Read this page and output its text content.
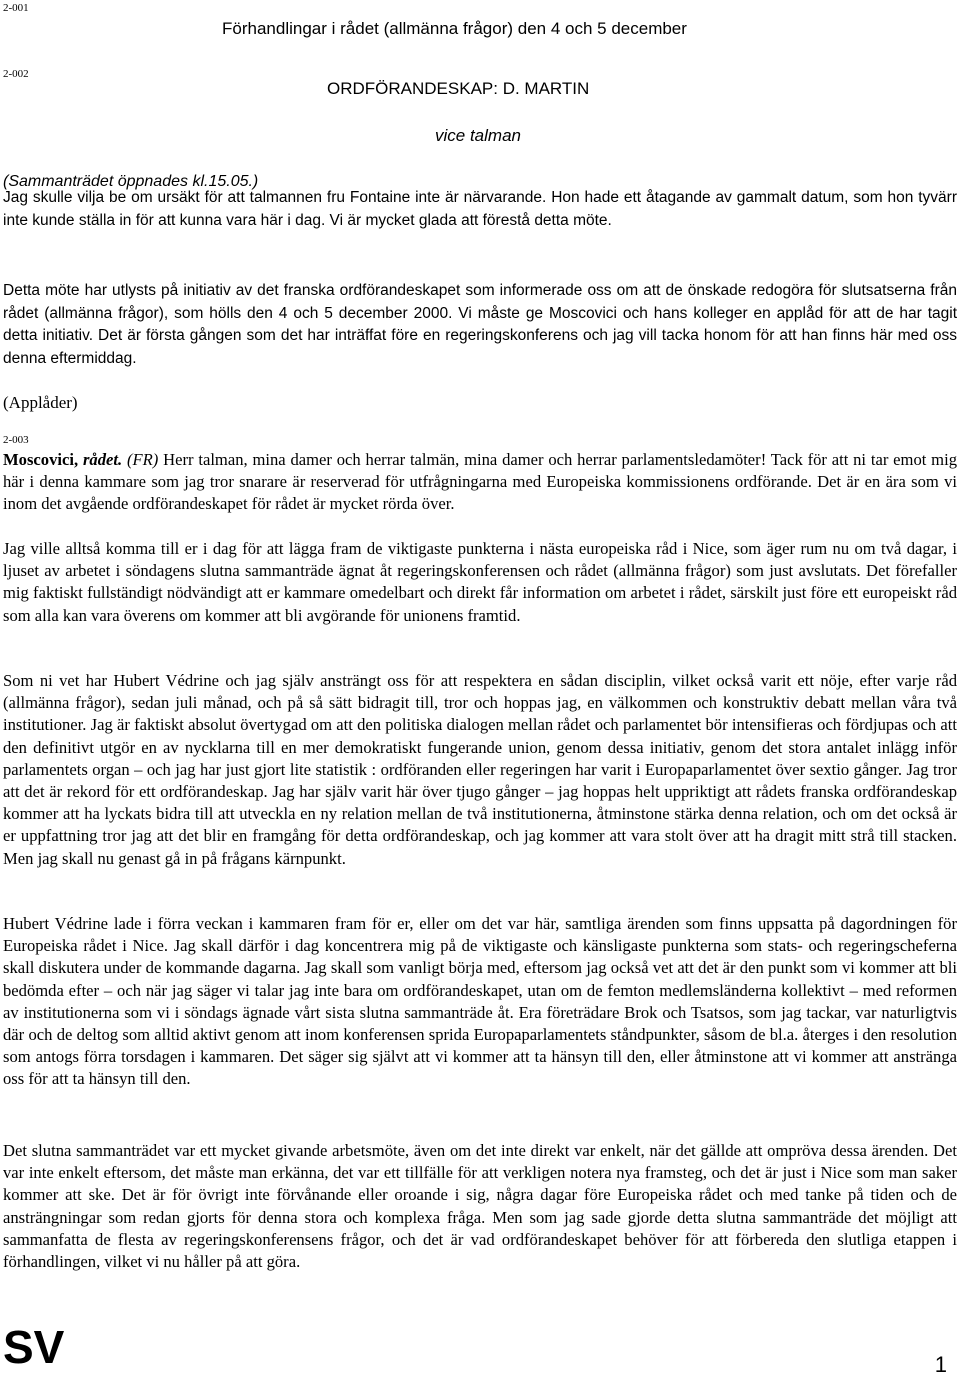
2-001
Förhandlingar i rådet (allmänna frågor) den 4 och 5 december
2-002
ORDFÖRANDESKAP: D. MARTIN
vice talman
(Sammanträdet öppnades kl.15.05.)

Jag skulle vilja be om ursäkt för att talmannen fru Fontaine inte är närvarande. Hon hade ett åtagande av gammalt datum, som hon tyvärr inte kunde ställa in för att kunna vara här i dag. Vi är mycket glada att förestå detta möte.

Detta möte har utlysts på initiativ av det franska ordförandeskapet som informerade oss om att de önskade redogöra för slutsatserna från rådet (allmänna frågor), som hölls den 4 och 5 december 2000. Vi måste ge Moscovici och hans kolleger en applåd för att de har tagit detta initiativ. Det är första gången som det har inträffat före en regeringskonferens och jag vill tacka honom för att han finns här med oss denna eftermiddag.

(Applåder)
2-003

Moscovici, rådet. (FR) Herr talman, mina damer och herrar talmän, mina damer och herrar parlamentsledamöter! Tack för att ni tar emot mig här i denna kammare som jag tror snarare är reserverad för utfrågningarna med Europeiska kommissionens ordförande. Det är en ära som vi inom det avgående ordförandeskapet för rådet är mycket rörda över.

Jag ville alltså komma till er i dag för att lägga fram de viktigaste punkterna i nästa europeiska råd i Nice, som äger rum nu om två dagar, i ljuset av arbetet i söndagens slutna sammanträde ägnat åt regeringskonferensen och rådet (allmänna frågor) som just avslutats. Det förefaller mig faktiskt fullständigt nödvändigt att er kammare omedelbart och direkt får information om arbetet i rådet, särskilt just före ett europeiskt råd som alla kan vara överens om kommer att bli avgörande för unionens framtid.

Som ni vet har Hubert Védrine och jag själv ansträngt oss för att respektera en sådan disciplin, vilket också varit ett nöje, efter varje råd (allmänna frågor), sedan juli månad, och på så sätt bidragit till, tror och hoppas jag, en välkommen och konstruktiv debatt mellan våra två institutioner. Jag är faktiskt absolut övertygad om att den politiska dialogen mellan rådet och parlamentet bör intensifieras och fördjupas och att den definitivt utgör en av nycklarna till en mer demokratiskt fungerande union, genom dessa initiativ, genom det stora antalet inlägg inför parlamentets organ – och jag har just gjort lite statistik : ordföranden eller regeringen har varit i Europaparlamentet över sextio gånger. Jag tror att det är rekord för ett ordförandeskap. Jag har själv varit här över tjugo gånger – jag hoppas helt uppriktigt att rådets franska ordförandeskap kommer att ha lyckats bidra till att utveckla en ny relation mellan de två institutionerna, åtminstone stärka denna relation, och om det också är er uppfattning tror jag att det blir en framgång för detta ordförandeskap, och jag kommer att vara stolt över att ha dragit mitt strå till stacken. Men jag skall nu genast gå in på frågans kärnpunkt.

Hubert Védrine lade i förra veckan i kammaren fram för er, eller om det var här, samtliga ärenden som finns uppsatta på dagordningen för Europeiska rådet i Nice. Jag skall därför i dag koncentrera mig på de viktigaste och känsligaste punkterna som stats- och regeringscheferna skall diskutera under de kommande dagarna. Jag skall som vanligt börja med, eftersom jag också vet att det är den punkt som vi kommer att bli bedömda efter – och när jag säger vi talar jag inte bara om ordförandeskapet, utan om de femton medlemsländerna kollektivt – med reformen av institutionerna som vi i söndags ägnade vårt sista slutna sammanträde åt. Era företrädare Brok och Tsatsos, som jag tackar, var naturligtvis där och de deltog som alltid aktivt genom att inom konferensen sprida Europaparlamentets ståndpunkter, såsom de bl.a. återges i den resolution som antogs förra torsdagen i kammaren. Det säger sig självt att vi kommer att ta hänsyn till den, eller åtminstone att vi kommer att anstränga oss för att ta hänsyn till den.

Det slutna sammanträdet var ett mycket givande arbetsmöte, även om det inte direkt var enkelt, när det gällde att ompröva dessa ärenden. Det var inte enkelt eftersom, det måste man erkänna, det var ett tillfälle för att verkligen notera nya framsteg, och det är just i Nice som man saker kommer att ske. Det är för övrigt inte förvånande eller oroande i sig, några dagar före Europeiska rådet och med tanke på tiden och de ansträngningar som redan gjorts för denna stora och komplexa fråga. Men som jag sade gjorde detta slutna sammanträde det möjligt att sammanfatta de flesta av regeringskonferensens frågor, och det är vad ordförandeskapet behöver för att förbereda den slutliga etappen i förhandlingen, vilket vi nu håller på att göra.

SV	1
